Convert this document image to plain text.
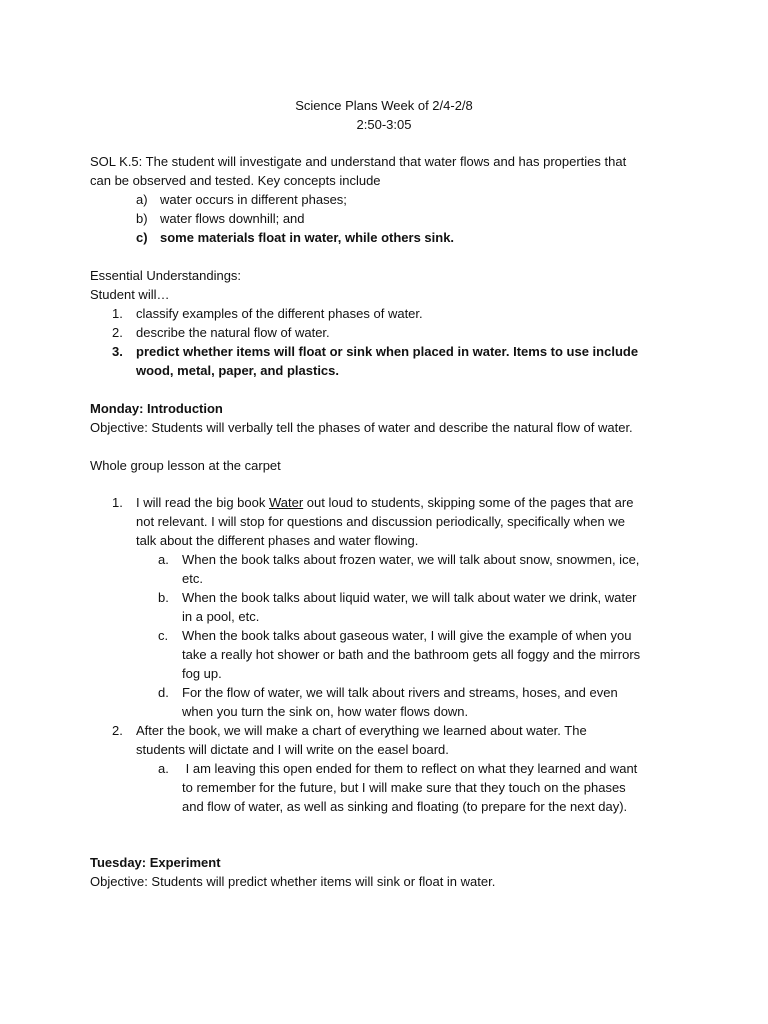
Science Plans Week of 2/4-2/8
2:50-3:05
SOL K.5: The student will investigate and understand that water flows and has properties that
can be observed and tested. Key concepts include
a) water occurs in different phases;
b) water flows downhill; and
c) some materials float in water, while others sink.
Essential Understandings:
Student will…
1. classify examples of the different phases of water.
2. describe the natural flow of water.
3. predict whether items will float or sink when placed in water. Items to use include
wood, metal, paper, and plastics.
Monday: Introduction
Objective: Students will verbally tell the phases of water and describe the natural flow of water.
Whole group lesson at the carpet
1. I will read the big book Water out loud to students, skipping some of the pages that are
not relevant. I will stop for questions and discussion periodically, specifically when we
talk about the different phases and water flowing.
a. When the book talks about frozen water, we will talk about snow, snowmen, ice,
etc.
b. When the book talks about liquid water, we will talk about water we drink, water
in a pool, etc.
c. When the book talks about gaseous water, I will give the example of when you
take a really hot shower or bath and the bathroom gets all foggy and the mirrors
fog up.
d. For the flow of water, we will talk about rivers and streams, hoses, and even
when you turn the sink on, how water flows down.
2. After the book, we will make a chart of everything we learned about water. The
students will dictate and I will write on the easel board.
a. I am leaving this open ended for them to reflect on what they learned and want
to remember for the future, but I will make sure that they touch on the phases
and flow of water, as well as sinking and floating (to prepare for the next day).
Tuesday: Experiment
Objective: Students will predict whether items will sink or float in water.
